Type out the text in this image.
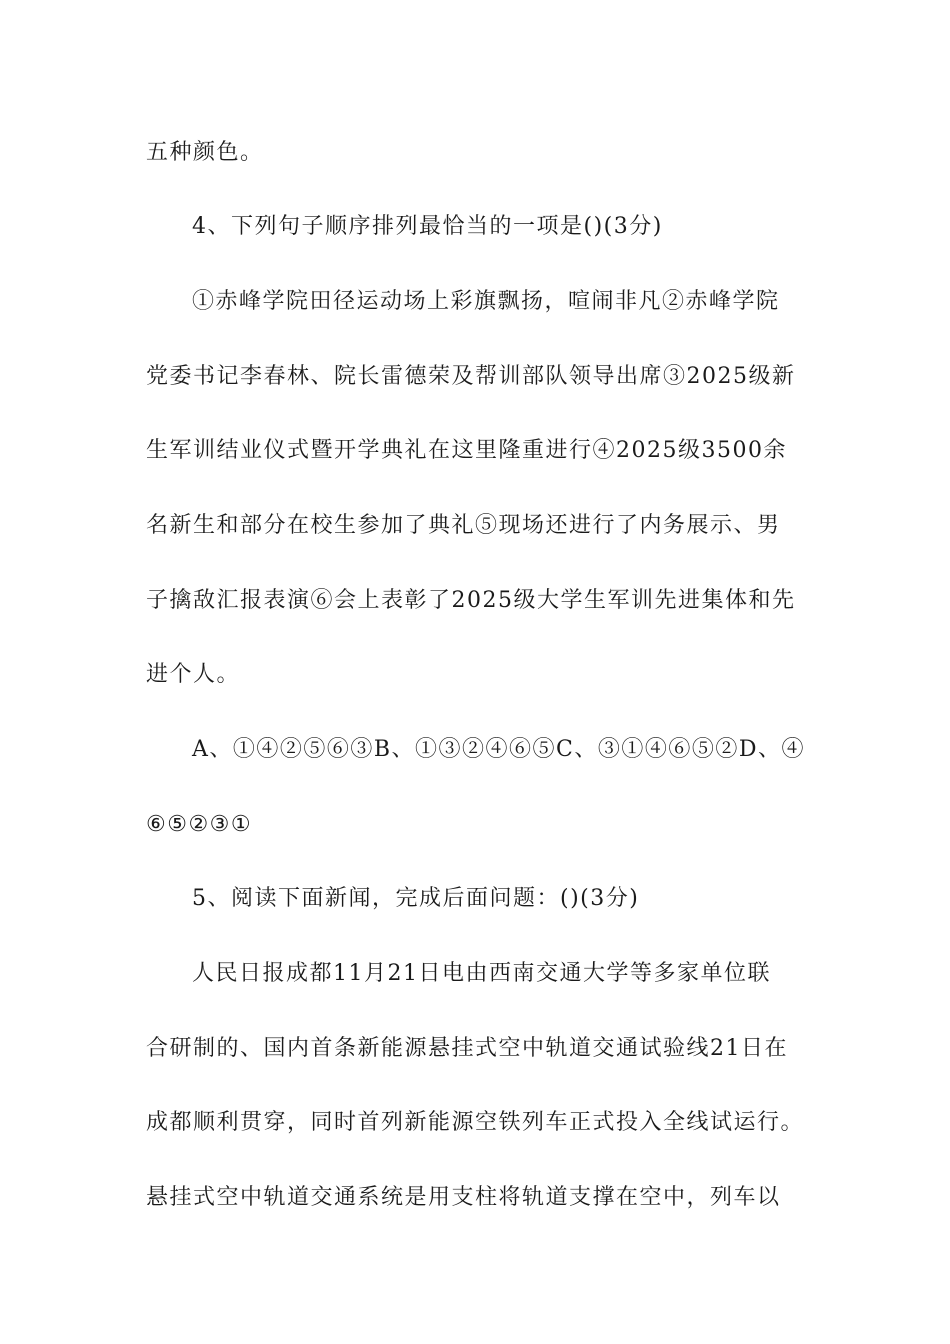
五种颜色。
4、下列句子顺序排列最恰当的一项是()(3分)
①赤峰学院田径运动场上彩旗飘扬，喧闹非凡②赤峰学院
党委书记李春林、院长雷德荣及帮训部队领导出席③2025级新
生军训结业仪式暨开学典礼在这里隆重进行④2025级3500余
名新生和部分在校生参加了典礼⑤现场还进行了内务展示、男
子擒敌汇报表演⑥会上表彰了2025级大学生军训先进集体和先
进个人。
A、①④②⑤⑥③B、①③②④⑥⑤C、③①④⑥⑤②D、④
⑥⑤②③①
5、阅读下面新闻，完成后面问题：()(3分)
人民日报成都11月21日电由西南交通大学等多家单位联
合研制的、国内首条新能源悬挂式空中轨道交通试验线21日在
成都顺利贯穿，同时首列新能源空铁列车正式投入全线试运行。
悬挂式空中轨道交通系统是用支柱将轨道支撑在空中，列车以
